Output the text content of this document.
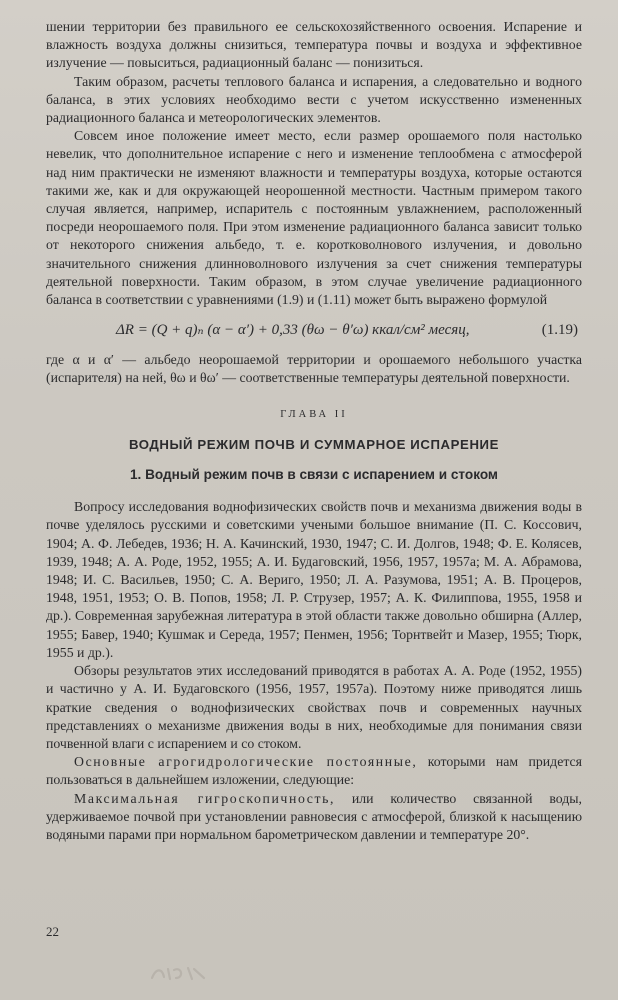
шении территории без правильного ее сельскохозяйственного освоения. Испарение и влажность воздуха должны снизиться, температура почвы и воздуха и эффективное излучение — повыситься, радиационный баланс — понизиться.

Таким образом, расчеты теплового баланса и испарения, а следовательно и водного баланса, в этих условиях необходимо вести с учетом искусственно измененных радиационного баланса и метеорологических элементов.

Совсем иное положение имеет место, если размер орошаемого поля настолько невелик, что дополнительное испарение с него и изменение теплообмена с атмосферой над ним практически не изменяют влажности и температуры воздуха, которые остаются такими же, как и для окружающей неорошенной местности. Частным примером такого случая является, например, испаритель с постоянным увлажнением, расположенный посреди неорошаемого поля. При этом изменение радиационного баланса зависит только от некоторого снижения альбедо, т. е. коротковолнового излучения, и довольно значительного снижения длинноволнового излучения за счет снижения температуры деятельной поверхности. Таким образом, в этом случае увеличение радиационного баланса в соответствии с уравнениями (1.9) и (1.11) может быть выражено формулой

ΔR = (Q + q)ₙ (α − α′) + 0,33 (θω − θ′ω) ккал/см² месяц,	(1.19)

где α и α′ — альбедо неорошаемой территории и орошаемого небольшого участка (испарителя) на ней, θω и θω′ — соответственные температуры деятельной поверхности.

ГЛАВА II
ВОДНЫЙ РЕЖИМ ПОЧВ И СУММАРНОЕ ИСПАРЕНИЕ
1. Водный режим почв в связи с испарением и стоком

Вопросу исследования воднофизических свойств почв и механизма движения воды в почве уделялось русскими и советскими учеными большое внимание (П. С. Коссович, 1904; А. Ф. Лебедев, 1936; Н. А. Качинский, 1930, 1947; С. И. Долгов, 1948; Ф. Е. Колясев, 1939, 1948; А. А. Роде, 1952, 1955; А. И. Будаговский, 1956, 1957, 1957а; М. А. Абрамова, 1948; И. С. Васильев, 1950; С. А. Вериго, 1950; Л. А. Разумова, 1951; А. В. Процеров, 1948, 1951, 1953; О. В. Попов, 1958; Л. Р. Струзер, 1957; А. К. Филиппова, 1955, 1958 и др.). Современная зарубежная литература в этой области также довольно обширна (Аллер, 1955; Бавер, 1940; Кушмак и Середа, 1957; Пенмен, 1956; Торнтвейт и Мазер, 1955; Тюрк, 1955 и др.).

Обзоры результатов этих исследований приводятся в работах А. А. Роде (1952, 1955) и частично у А. И. Будаговского (1956, 1957, 1957а). Поэтому ниже приводятся лишь краткие сведения о воднофизических свойствах почв и современных научных представлениях о механизме движения воды в них, необходимые для понимания связи почвенной влаги с испарением и со стоком.

Основные агрогидрологические постоянные, которыми нам придется пользоваться в дальнейшем изложении, следующие:

Максимальная гигроскопичность, или количество связанной воды, удерживаемое почвой при установлении равновесия с атмосферой, близкой к насыщению водяными парами при нормальном барометрическом давлении и температуре 20°.

22
